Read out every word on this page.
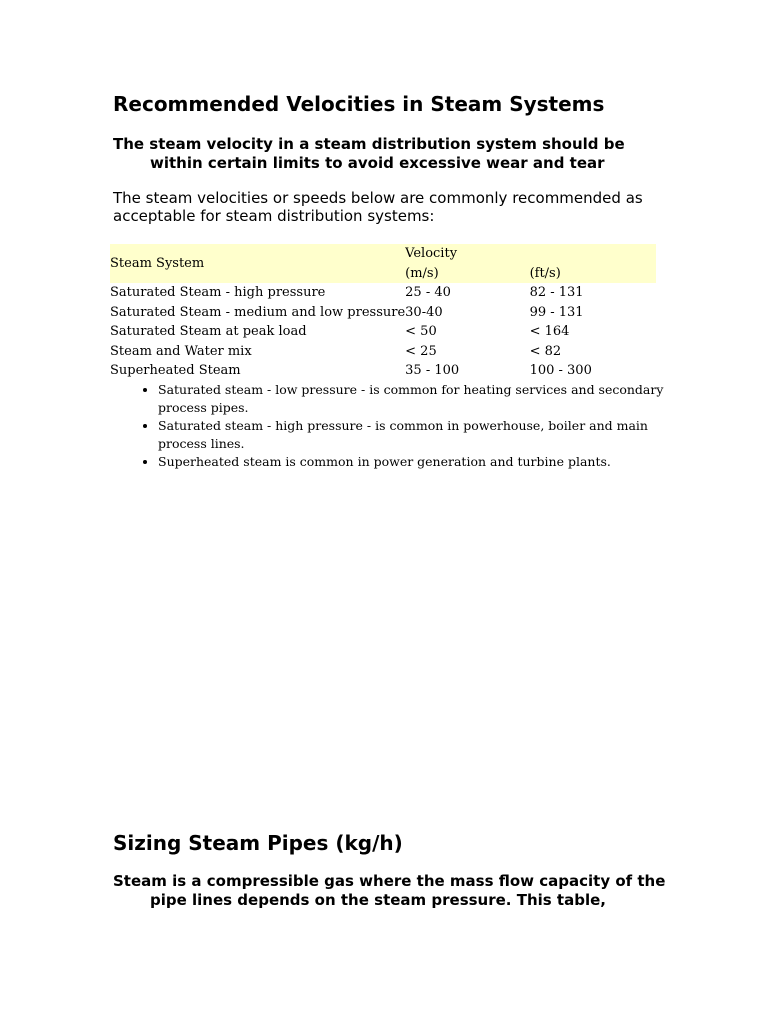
Recommended Velocities in Steam Systems

The steam velocity in a steam distribution system should be within certain limits to avoid excessive wear and tear

The steam velocities or speeds below are commonly recommended as acceptable for steam distribution systems:

Steam System	Velocity	
	(m/s)	(ft/s)
Saturated Steam - high pressure	25 - 40	82 - 131
Saturated Steam - medium and low pressure	30-40	99 - 131
Saturated Steam at peak load	< 50	< 164
Steam and Water mix	< 25	< 82
Superheated Steam	35 - 100	100 - 300
• Saturated steam - low pressure - is common for heating services and secondary process pipes.
• Saturated steam - high pressure - is common in powerhouse, boiler and main process lines.
• Superheated steam is common in power generation and turbine plants.
Sizing Steam Pipes (kg/h)

Steam is a compressible gas where the mass flow capacity of the pipe lines depends on the steam pressure. This table,
